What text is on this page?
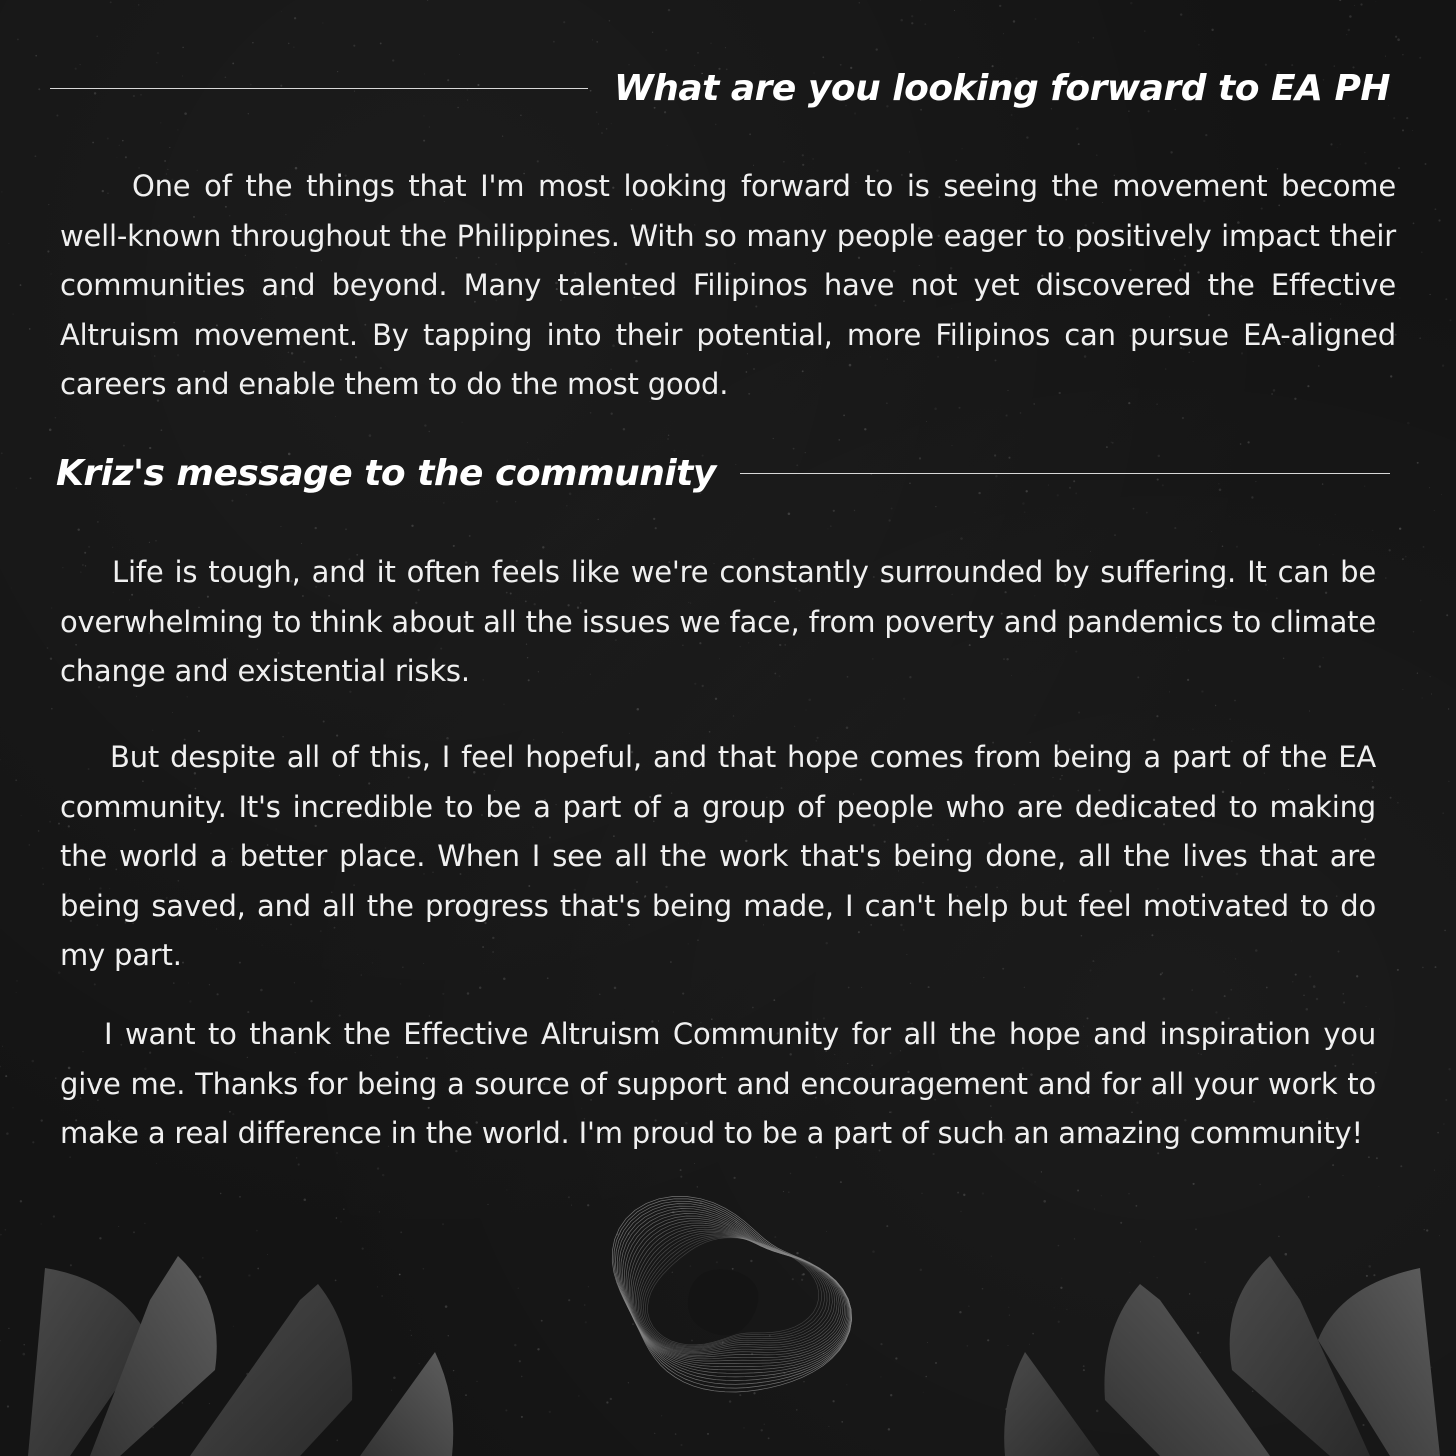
What are you looking forward to EA PH

One of the things that I'm most looking forward to is seeing the movement become well-known throughout the Philippines. With so many people eager to positively impact their communities and beyond. Many talented Filipinos have not yet discovered the Effective Altruism movement. By tapping into their potential, more Filipinos can pursue EA-aligned careers and enable them to do the most good.

Kriz's message to the community

Life is tough, and it often feels like we're constantly surrounded by suffering. It can be overwhelming to think about all the issues we face, from poverty and pandemics to climate change and existential risks.

But despite all of this, I feel hopeful, and that hope comes from being a part of the EA community. It's incredible to be a part of a group of people who are dedicated to making the world a better place. When I see all the work that's being done, all the lives that are being saved, and all the progress that's being made, I can't help but feel motivated to do my part.

I want to thank the Effective Altruism Community for all the hope and inspiration you give me. Thanks for being a source of support and encouragement and for all your work to make a real difference in the world. I'm proud to be a part of such an amazing community!
